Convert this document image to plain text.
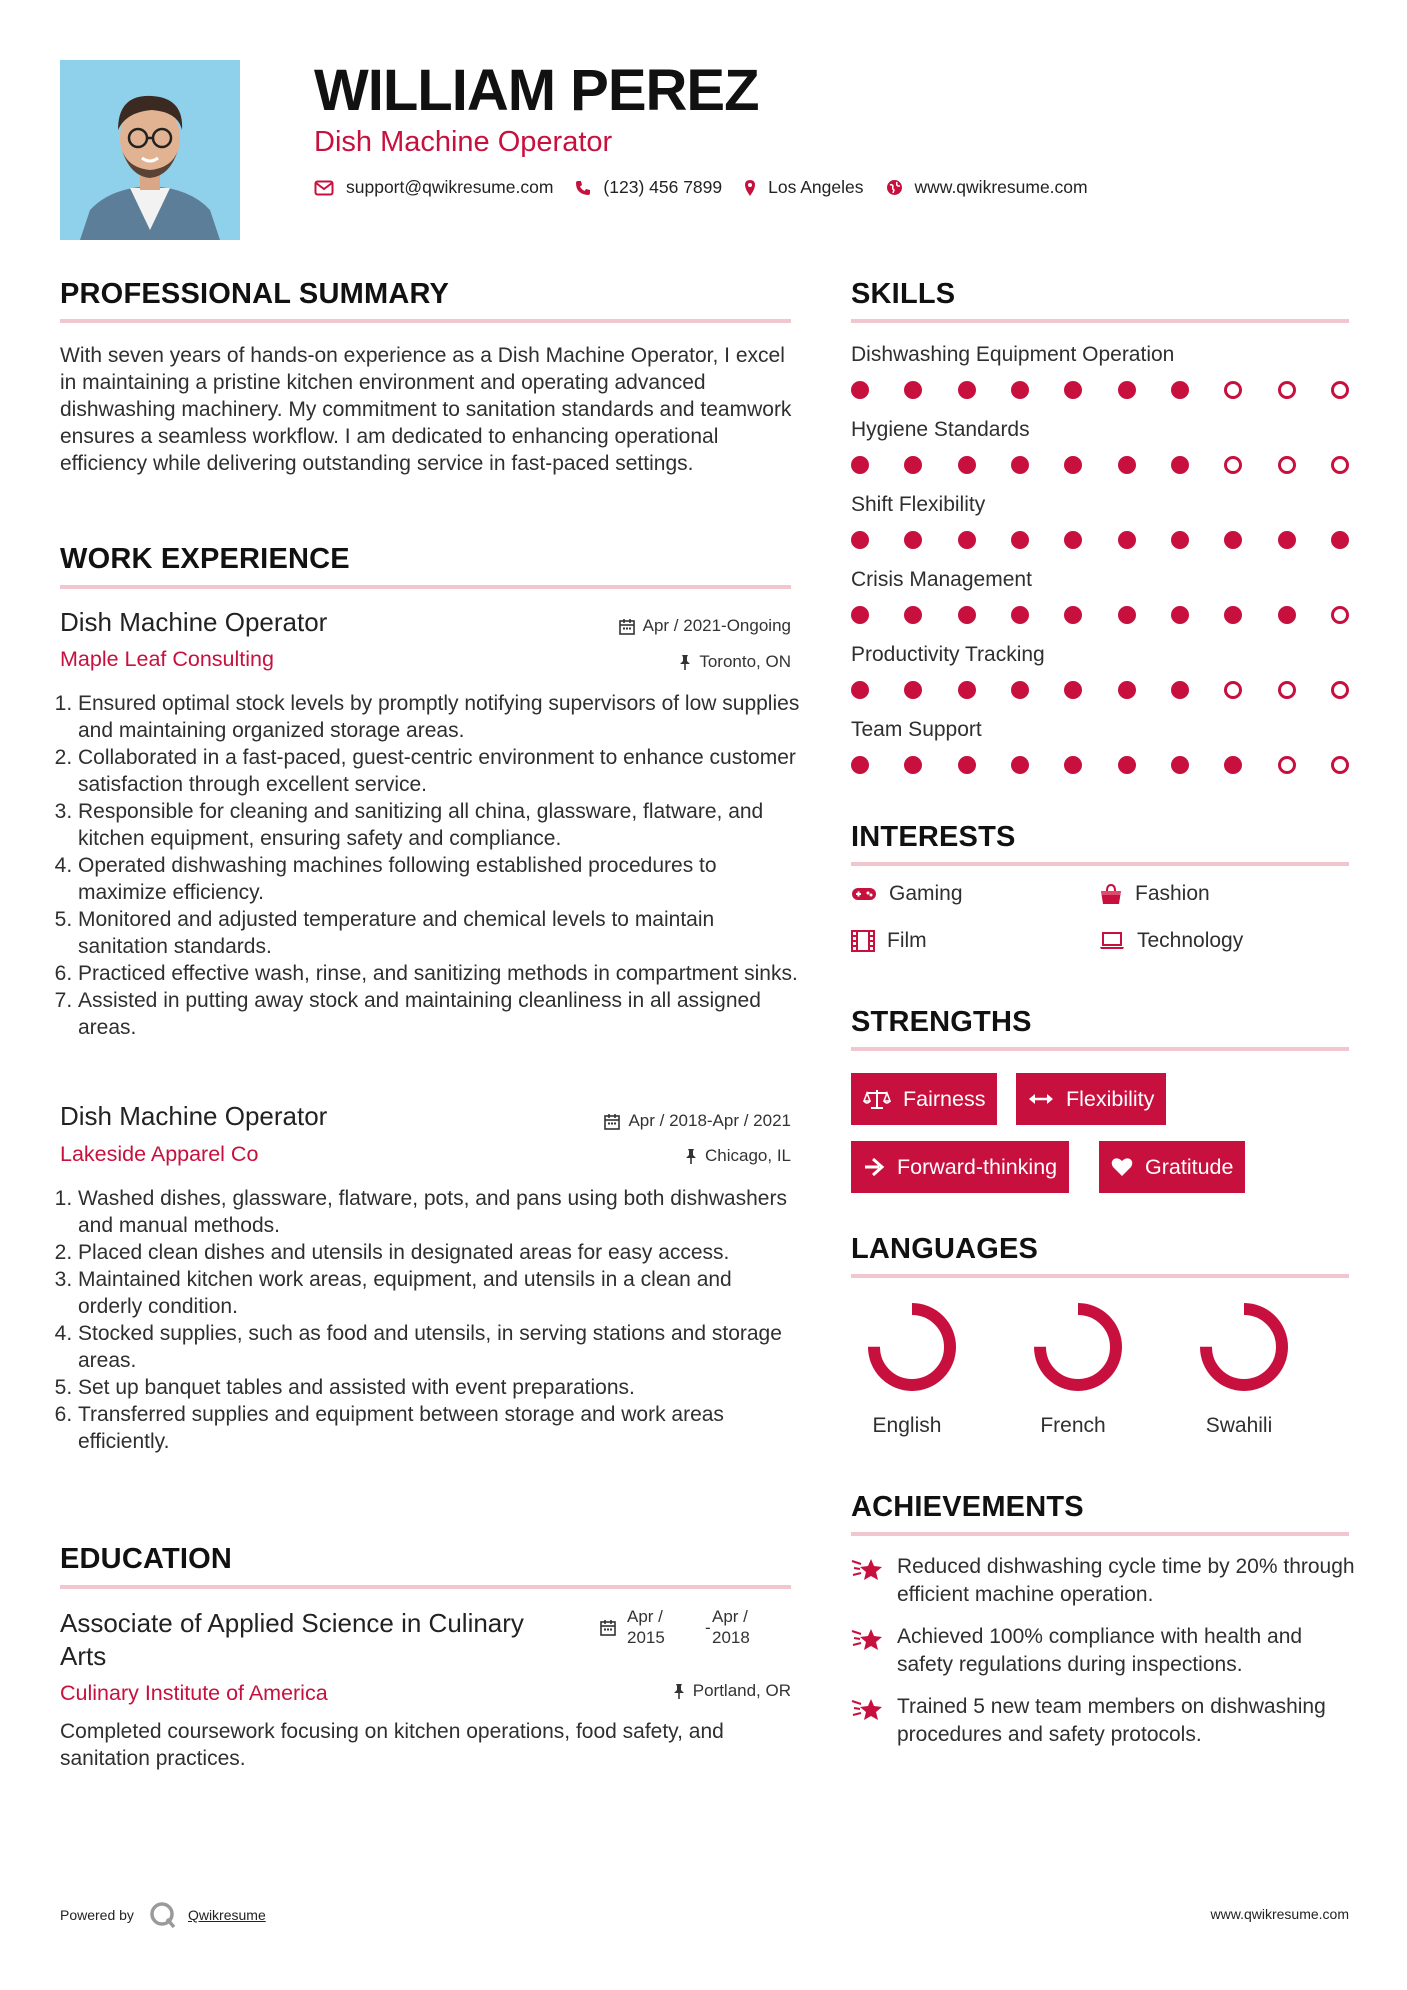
WILLIAM PEREZ
Dish Machine Operator
support@qwikresume.com	(123) 456 7899	Los Angeles	www.qwikresume.com
PROFESSIONAL SUMMARY
With seven years of hands-on experience as a Dish Machine Operator, I excel in maintaining a pristine kitchen environment and operating advanced dishwashing machinery. My commitment to sanitation standards and teamwork ensures a seamless workflow. I am dedicated to enhancing operational efficiency while delivering outstanding service in fast-paced settings.
WORK EXPERIENCE
Dish Machine Operator	Apr / 2021-Ongoing
Maple Leaf Consulting	Toronto, ON
1. Ensured optimal stock levels by promptly notifying supervisors of low supplies and maintaining organized storage areas.
2. Collaborated in a fast-paced, guest-centric environment to enhance customer satisfaction through excellent service.
3. Responsible for cleaning and sanitizing all china, glassware, flatware, and kitchen equipment, ensuring safety and compliance.
4. Operated dishwashing machines following established procedures to maximize efficiency.
5. Monitored and adjusted temperature and chemical levels to maintain sanitation standards.
6. Practiced effective wash, rinse, and sanitizing methods in compartment sinks.
7. Assisted in putting away stock and maintaining cleanliness in all assigned areas.
Dish Machine Operator	Apr / 2018-Apr / 2021
Lakeside Apparel Co	Chicago, IL
1. Washed dishes, glassware, flatware, pots, and pans using both dishwashers and manual methods.
2. Placed clean dishes and utensils in designated areas for easy access.
3. Maintained kitchen work areas, equipment, and utensils in a clean and orderly condition.
4. Stocked supplies, such as food and utensils, in serving stations and storage areas.
5. Set up banquet tables and assisted with event preparations.
6. Transferred supplies and equipment between storage and work areas efficiently.
EDUCATION
Associate of Applied Science in Culinary
Arts
Apr /
2015
-
Apr /
2018
Culinary Institute of America	Portland, OR
Completed coursework focusing on kitchen operations, food safety, and sanitation practices.
SKILLS
Dishwashing Equipment Operation
Hygiene Standards
Shift Flexibility
Crisis Management
Productivity Tracking
Team Support
INTERESTS
Gaming	Fashion
Film	Technology
STRENGTHS
Fairness	Flexibility
Forward-thinking	Gratitude
LANGUAGES
English	French	Swahili
ACHIEVEMENTS
Reduced dishwashing cycle time by 20% through efficient machine operation.
Achieved 100% compliance with health and safety regulations during inspections.
Trained 5 new team members on dishwashing procedures and safety protocols.
Powered by	Qwikresume	www.qwikresume.com
